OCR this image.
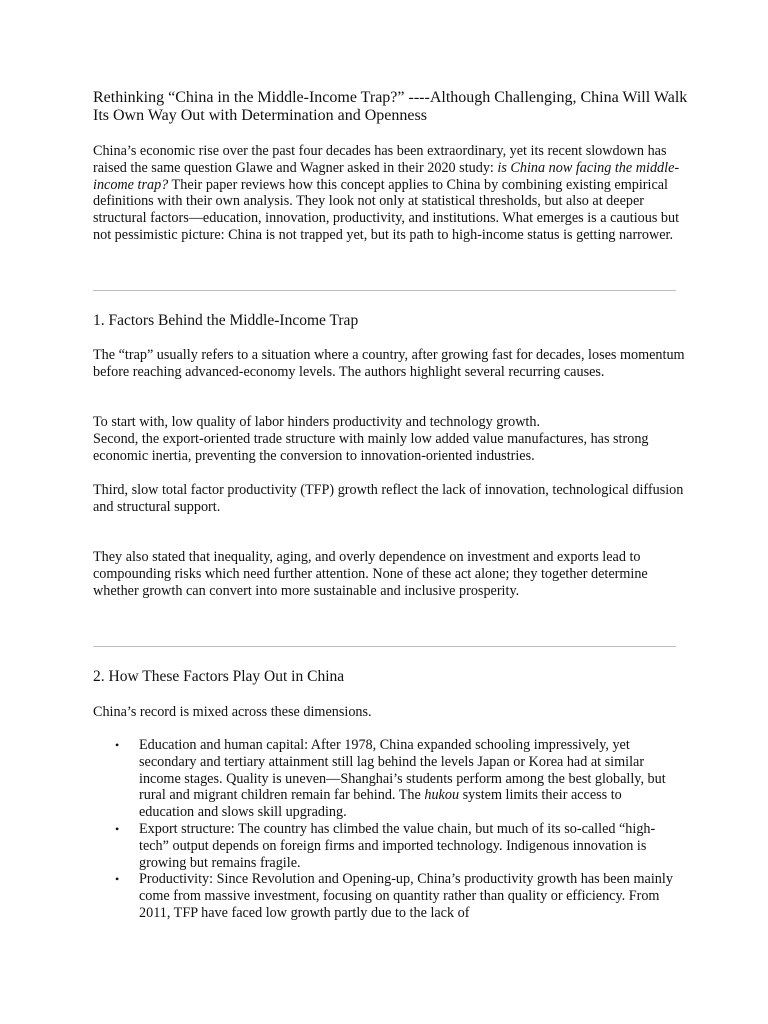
Rethinking “China in the Middle-Income Trap?” ----Although Challenging, China Will Walk Its Own Way Out with Determination and Openness

China’s economic rise over the past four decades has been extraordinary, yet its recent slowdown has raised the same question Glawe and Wagner asked in their 2020 study: is China now facing the middle-income trap? Their paper reviews how this concept applies to China by combining existing empirical definitions with their own analysis. They look not only at statistical thresholds, but also at deeper structural factors—education, innovation, productivity, and institutions. What emerges is a cautious but not pessimistic picture: China is not trapped yet, but its path to high-income status is getting narrower.

1. Factors Behind the Middle-Income Trap

The “trap” usually refers to a situation where a country, after growing fast for decades, loses momentum before reaching advanced-economy levels. The authors highlight several recurring causes.

To start with, low quality of labor hinders productivity and technology growth.
Second, the export-oriented trade structure with mainly low added value manufactures, has strong economic inertia, preventing the conversion to innovation-oriented industries.

Third, slow total factor productivity (TFP) growth reflect the lack of innovation, technological diffusion and structural support.

They also stated that inequality, aging, and overly dependence on investment and exports lead to compounding risks which need further attention. None of these act alone; they together determine whether growth can convert into more sustainable and inclusive prosperity.

2. How These Factors Play Out in China

China’s record is mixed across these dimensions.

• Education and human capital: After 1978, China expanded schooling impressively, yet secondary and tertiary attainment still lag behind the levels Japan or Korea had at similar income stages. Quality is uneven—Shanghai’s students perform among the best globally, but rural and migrant children remain far behind. The hukou system limits their access to education and slows skill upgrading.
• Export structure: The country has climbed the value chain, but much of its so-called “high-tech” output depends on foreign firms and imported technology. Indigenous innovation is growing but remains fragile.
• Productivity: Since Revolution and Opening-up, China’s productivity growth has been mainly come from massive investment, focusing on quantity rather than quality or efficiency. From 2011, TFP have faced low growth partly due to the lack of
